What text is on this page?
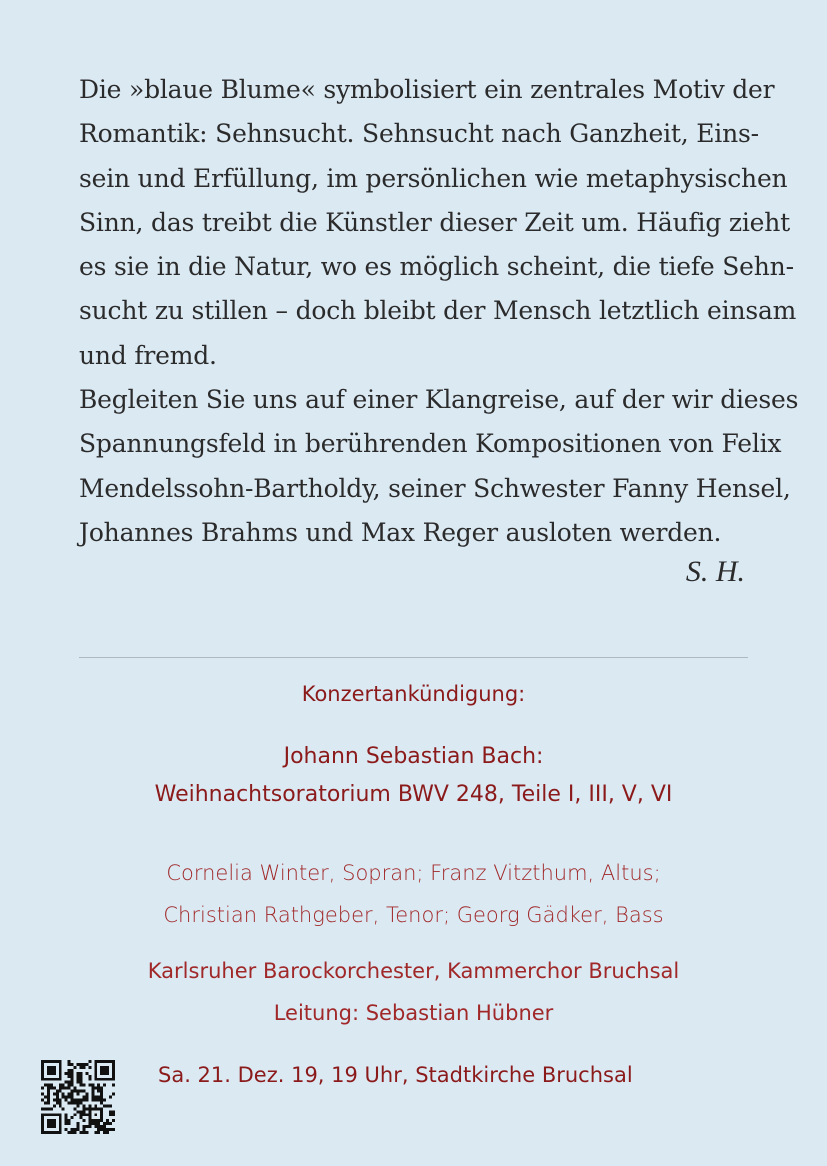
Die »blaue Blume« symbolisiert ein zentrales Motiv der
Romantik: Sehnsucht. Sehnsucht nach Ganzheit, Eins-
sein und Erfüllung, im persönlichen wie metaphysischen
Sinn, das treibt die Künstler dieser Zeit um. Häufig zieht
es sie in die Natur, wo es möglich scheint, die tiefe Sehn-
sucht zu stillen – doch bleibt der Mensch letztlich einsam
und fremd.

Begleiten Sie uns auf einer Klangreise, auf der wir dieses
Spannungsfeld in berührenden Kompositionen von Felix
Mendelssohn-Bartholdy, seiner Schwester Fanny Hensel,
Johannes Brahms und Max Reger ausloten werden.

S. H.
Konzertankündigung:
Johann Sebastian Bach:
Weihnachtsoratorium BWV 248, Teile I, III, V, VI
Cornelia Winter, Sopran; Franz Vitzthum, Altus;
Christian Rathgeber, Tenor; Georg Gädker, Bass
Karlsruher Barockorchester, Kammerchor Bruchsal
Leitung: Sebastian Hübner
Sa. 21. Dez. 19, 19 Uhr, Stadtkirche Bruchsal
